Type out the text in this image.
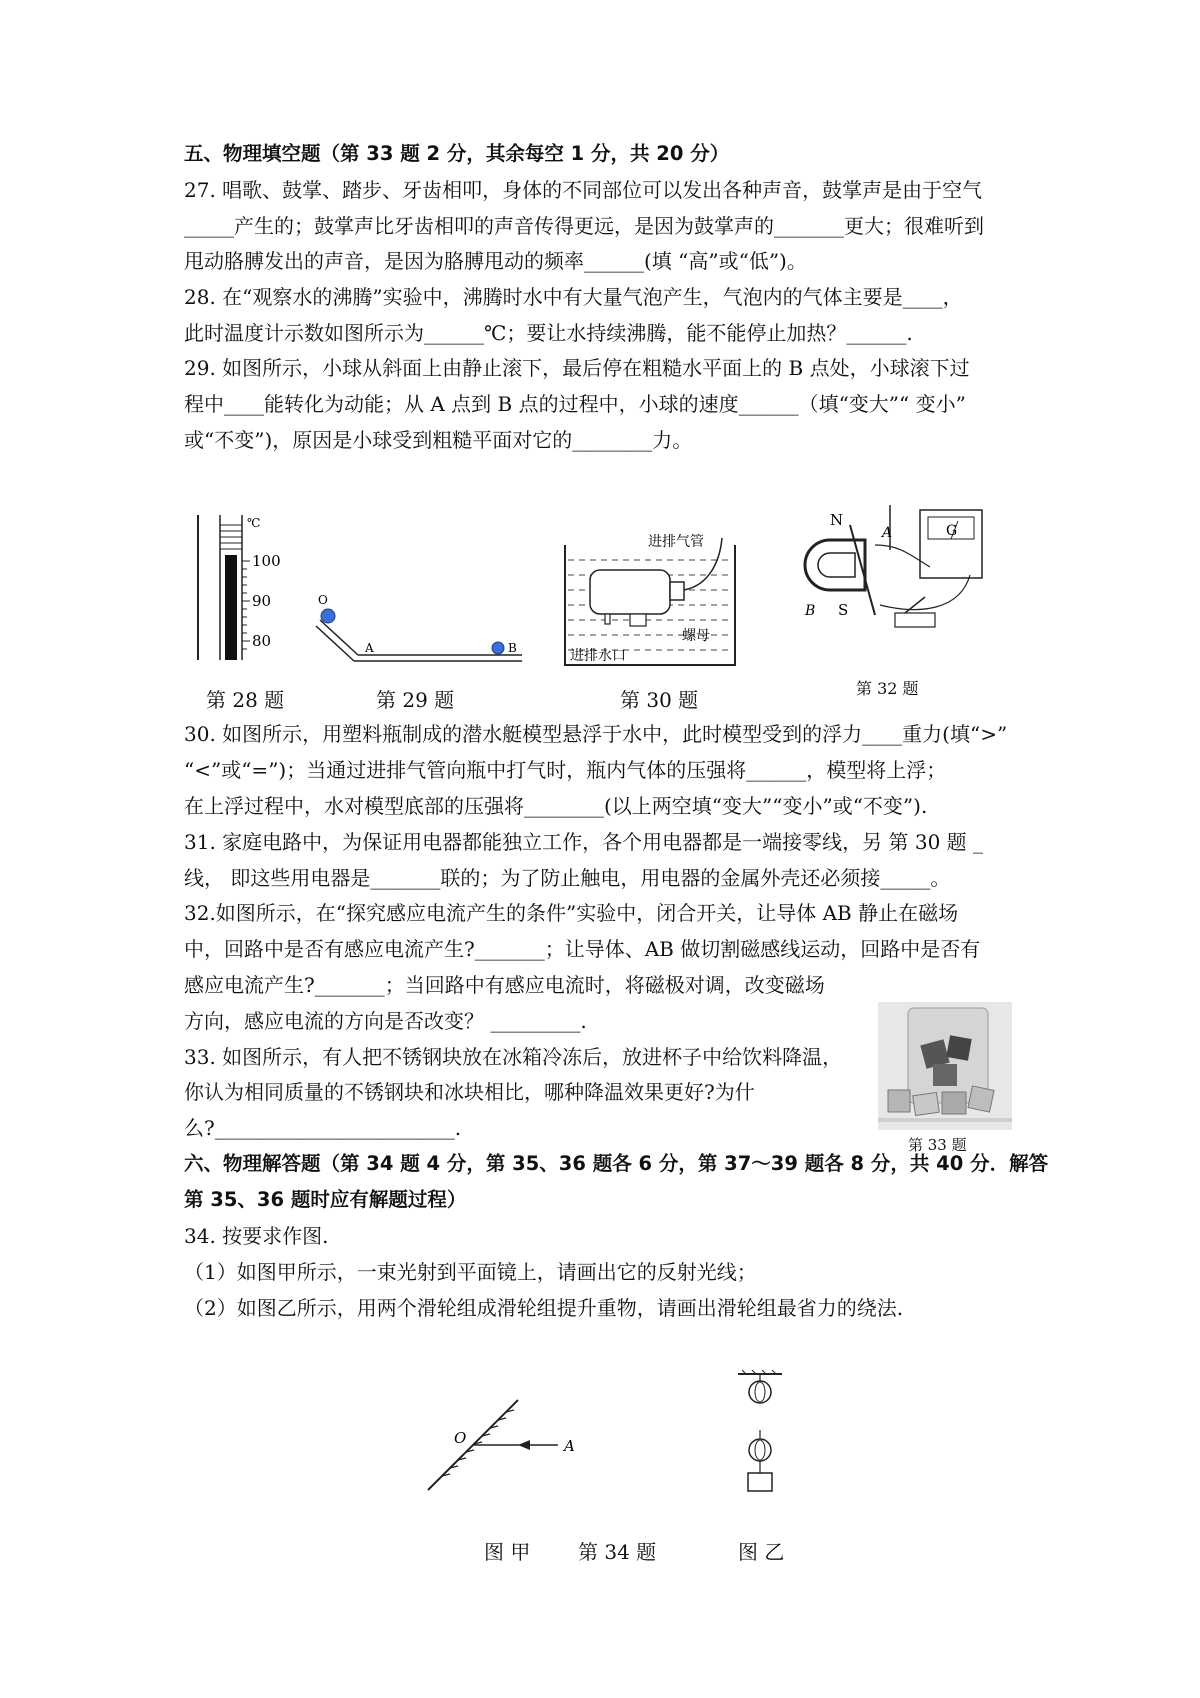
五、物理填空题（第 33 题 2 分，其余每空 1 分，共 20 分）
27. 唱歌、鼓掌、踏步、牙齿相叩，身体的不同部位可以发出各种声音，鼓掌声是由于空气
_____产生的；鼓掌声比牙齿相叩的声音传得更远，是因为鼓掌声的_______更大；很难听到
甩动胳膊发出的声音，是因为胳膊甩动的频率______(填 “高”或“低”)。
28. 在“观察水的沸腾”实验中，沸腾时水中有大量气泡产生，气泡内的气体主要是____，
此时温度计示数如图所示为______℃；要让水持续沸腾，能不能停止加热？______.
29. 如图所示，小球从斜面上由静止滚下，最后停在粗糙水平面上的 B 点处，小球滚下过
程中____能转化为动能；从 A 点到 B 点的过程中，小球的速度______（填“变大”“ 变小”
或“不变”)，原因是小球受到粗糙平面对它的________力。
℃
100
90
80
O
A	B
进排气管
进排水口
螺母
N
A
B S
G
第 28 题	第 29 题	第 30 题	第 32 题
30. 如图所示，用塑料瓶制成的潜水艇模型悬浮于水中，此时模型受到的浮力____重力(填“>”
“<”或“=”)；当通过进排气管向瓶中打气时，瓶内气体的压强将______，模型将上浮；
在上浮过程中，水对模型底部的压强将________(以上两空填“变大”“变小”或“不变”).
31. 家庭电路中，为保证用电器都能独立工作，各个用电器都是一端接零线，另 第 30 题 _
线， 即这些用电器是_______联的；为了防止触电，用电器的金属外壳还必须接_____。
32.如图所示，在“探究感应电流产生的条件”实验中，闭合开关，让导体 AB 静止在磁场
中，回路中是否有感应电流产生?_______；让导体、AB 做切割磁感线运动，回路中是否有
感应电流产生?_______；当回路中有感应电流时，将磁极对调，改变磁场
方向，感应电流的方向是否改变？ _________.
33. 如图所示，有人把不锈钢块放在冰箱冷冻后，放进杯子中给饮料降温，
你认为相同质量的不锈钢块和冰块相比，哪种降温效果更好?为什
么?________________________.
第 33 题
六、物理解答题（第 34 题 4 分，第 35、36 题各 6 分，第 37～39 题各 8 分，共 40 分．解答
第 35、36 题时应有解题过程）
34. 按要求作图.
（1）如图甲所示，一束光射到平面镜上，请画出它的反射光线；
（2）如图乙所示，用两个滑轮组成滑轮组提升重物，请画出滑轮组最省力的绕法.
O	A
图 甲 第 34 题	图 乙
